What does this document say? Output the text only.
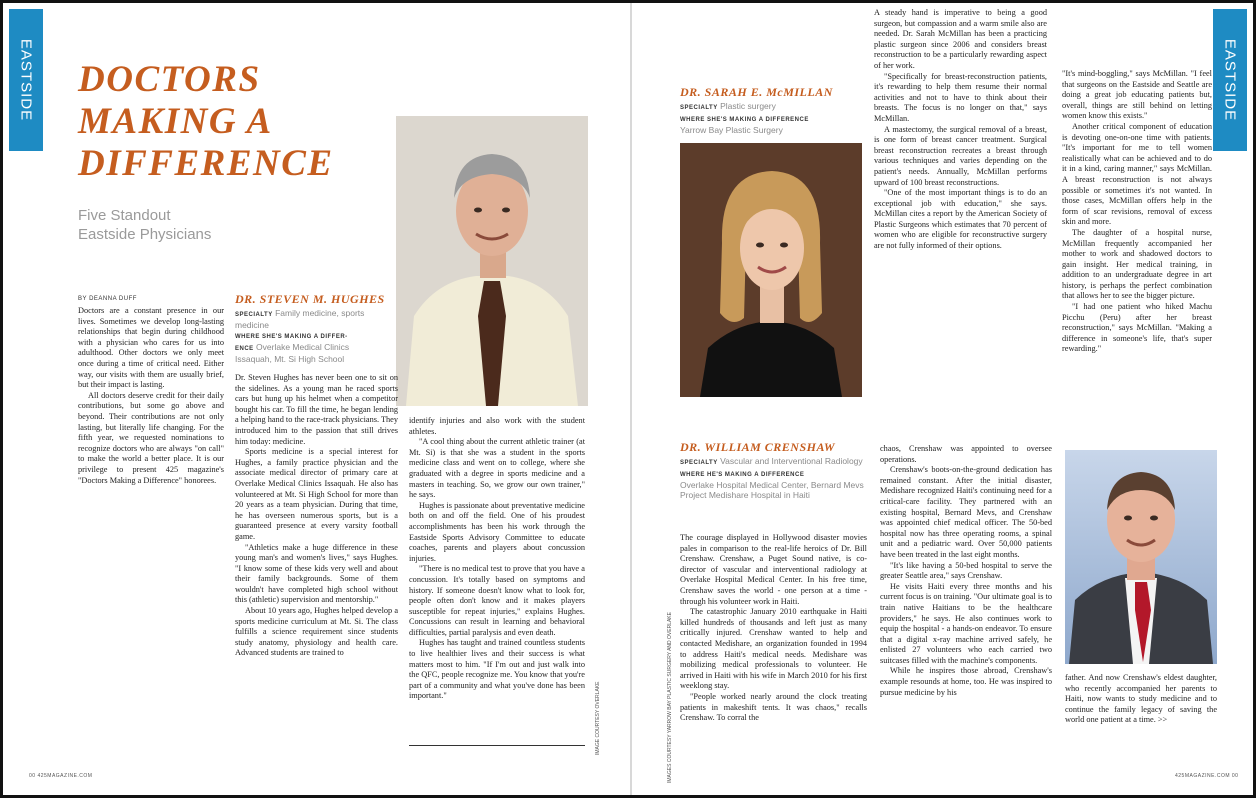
EASTSIDE	EASTSIDE
DOCTORS MAKING A DIFFERENCE
Five Standout Eastside Physicians
BY DEANNA DUFF

Doctors are a constant presence in our lives. Sometimes we develop long-lasting relationships that begin during childhood with a physician who cares for us into adulthood. Other doctors we only meet once during a time of critical need. Either way, our visits with them are usually brief, but their impact is lasting.

All doctors deserve credit for their daily contributions, but some go above and beyond. Their contributions are not only lasting, but literally life changing. For the fifth year, we requested nominations to recognize doctors who are always "on call" to make the world a better place. It is our privilege to present 425 magazine's "Doctors Making a Difference" honorees.

DR. STEVEN M. HUGHES
SPECIALTY Family medicine, sports medicine
WHERE SHE'S MAKING A DIFFER-
ENCE Overlake Medical Clinics Issaquah, Mt. Si High School

Dr. Steven Hughes has never been one to sit on the sidelines. As a young man he raced sports cars but hung up his helmet when a competitor bought his car. To fill the time, he began lending a helping hand to the race-track physicians. They introduced him to the passion that still drives him today: medicine.

Sports medicine is a special interest for Hughes, a family practice physician and the associate medical director of primary care at Overlake Medical Clinics Issaquah. He also has volunteered at Mt. Si High School for more than 20 years as a team physician. During that time, he has overseen numerous sports, but is a guaranteed presence at every varsity football game.

"Athletics make a huge difference in these young man's and women's lives," says Hughes. "I know some of these kids very well and about their family backgrounds. Some of them wouldn't have completed high school without this (athletic) supervision and mentorship."

About 10 years ago, Hughes helped develop a sports medicine curriculum at Mt. Si. The class fulfills a science requirement since students study anatomy, physiology and health care. Advanced students are trained to

identify injuries and also work with the student athletes.

"A cool thing about the current athletic trainer (at Mt. Si) is that she was a student in the sports medicine class and went on to college, where she graduated with a degree in sports medicine and a masters in teaching. So, we grow our own trainer," he says.

Hughes is passionate about preventative medicine both on and off the field. One of his proudest accomplishments has been his work through the Eastside Sports Advisory Committee to educate coaches, parents and players about concussion injuries.

"There is no medical test to prove that you have a concussion. It's totally based on symptoms and history. If someone doesn't know what to look for, people often don't know and it makes players susceptible for repeat injuries," explains Hughes. Concussions can result in learning and behavioral difficulties, partial paralysis and even death.

Hughes has taught and trained countless students to live healthier lives and their success is what matters most to him. "If I'm out and just walk into the QFC, people recognize me. You know that you're part of a community and what you've done has been important."	IMAGE COURTESY OVERLAKE
00 425MAGAZINE.COM
DR. SARAH E. McMILLAN
SPECIALTY Plastic surgery
WHERE SHE'S MAKING A DIFFERENCE
Yarrow Bay Plastic Surgery

A steady hand is imperative to being a good surgeon, but compassion and a warm smile also are needed. Dr. Sarah McMillan has been a practicing plastic surgeon since 2006 and considers breast reconstruction to be a particularly rewarding aspect of her work.

"Specifically for breast-reconstruction patients, it's rewarding to help them resume their normal activities and not to have to think about their breasts. The focus is no longer on that," says McMillan.

A mastectomy, the surgical removal of a breast, is one form of breast cancer treatment. Surgical breast reconstruction recreates a breast through various techniques and varies depending on the patient's needs. Annually, McMillan performs upward of 100 breast reconstructions.

"One of the most important things is to do an exceptional job with education," she says. McMillan cites a report by the American Society of Plastic Surgeons which estimates that 70 percent of women who are eligible for reconstructive surgery are not fully informed of their options.

"It's mind-boggling," says McMillan. "I feel that surgeons on the Eastside and Seattle are doing a great job educating patients but, overall, things are still behind on letting women know this exists."

Another critical component of education is devoting one-on-one time with patients. "It's important for me to tell women realistically what can be achieved and to do it in a kind, caring manner," says McMillan. A breast reconstruction is not always possible or sometimes it's not wanted. In those cases, McMillan offers help in the form of scar revisions, removal of excess skin and more.

The daughter of a hospital nurse, McMillan frequently accompanied her mother to work and shadowed doctors to gain insight. Her medical training, in addition to an undergraduate degree in art history, is perhaps the perfect combination that allows her to see the bigger picture.

"I had one patient who hiked Machu Picchu (Peru) after her breast reconstruction," says McMillan. "Making a difference in someone's life, that's super rewarding."

DR. WILLIAM CRENSHAW
SPECIALTY Vascular and Interventional Radiology
WHERE HE'S MAKING A DIFFERENCE
Overlake Hospital Medical Center, Bernard Mevs Project Medishare Hospital in Haiti
IMAGES COURTESY YARROW BAY PLASTIC SURGERY AND OVERLAKE

The courage displayed in Hollywood disaster movies pales in comparison to the real-life heroics of Dr. Bill Crenshaw. Crenshaw, a Puget Sound native, is co-director of vascular and interventional radiology at Overlake Hospital Medical Center. In his free time, Crenshaw saves the world - one person at a time - through his volunteer work in Haiti.

The catastrophic January 2010 earthquake in Haiti killed hundreds of thousands and left just as many critically injured. Crenshaw wanted to help and contacted Medishare, an organization founded in 1994 to address Haiti's medical needs. Medishare was mobilizing medical professionals to volunteer. He arrived in Haiti with his wife in March 2010 for his first weeklong stay.

"People worked nearly around the clock treating patients in makeshift tents. It was chaos," recalls Crenshaw. To corral the

chaos, Crenshaw was appointed to oversee operations.

Crenshaw's boots-on-the-ground dedication has remained constant. After the initial disaster, Medishare recognized Haiti's continuing need for a critical-care facility. They partnered with an existing hospital, Bernard Mevs, and Crenshaw was appointed chief medical officer. The 50-bed hospital now has three operating rooms, a spinal unit and a pediatric ward. Over 50,000 patients have been treated in the last eight months.

"It's like having a 50-bed hospital to serve the greater Seattle area," says Crenshaw.

He visits Haiti every three months and his current focus is on training. "Our ultimate goal is to train native Haitians to be the healthcare providers," he says. He also continues work to equip the hospital - a hands-on endeavor. To ensure that a digital x-ray machine arrived safely, he enlisted 27 volunteers who each carried two suitcases filled with the machine's components.

While he inspires those abroad, Crenshaw's example resounds at home, too. He was inspired to pursue medicine by his

father. And now Crenshaw's eldest daughter, who recently accompanied her parents to Haiti, now wants to study medicine and to continue the family legacy of saving the world one patient at a time. >>

425MAGAZINE.COM 00
